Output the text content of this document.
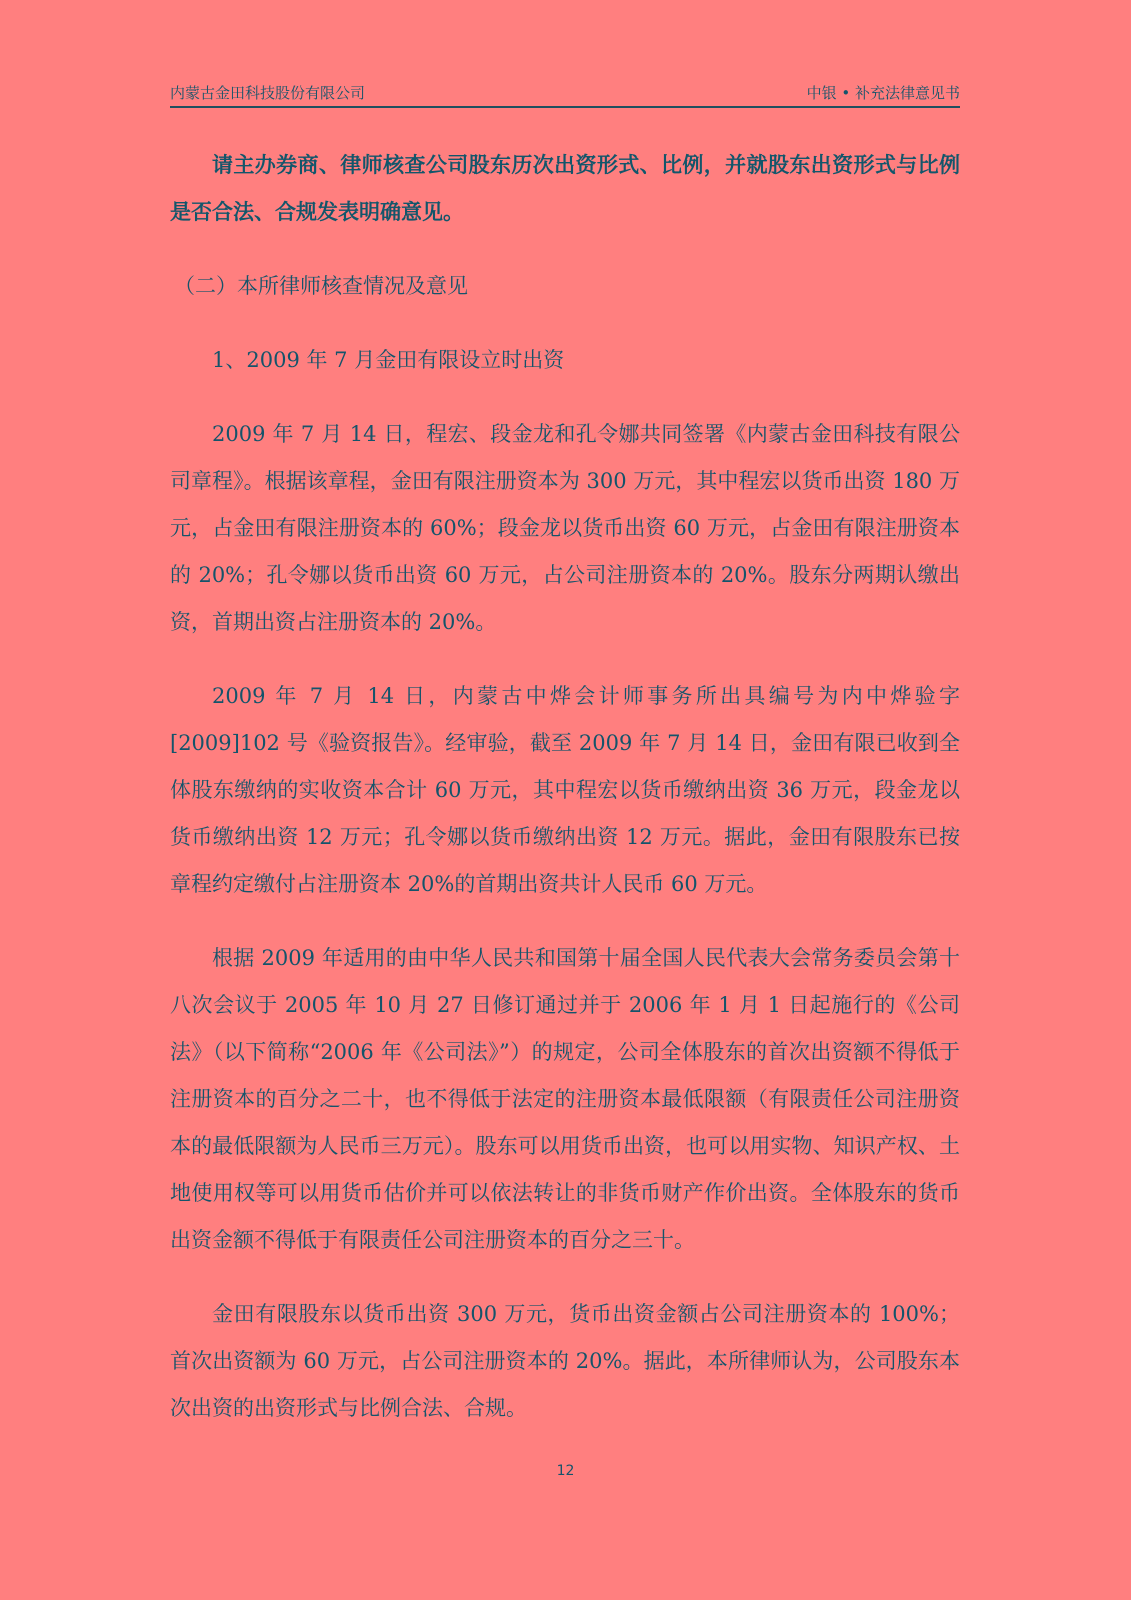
内蒙古金田科技股份有限公司	中银 • 补充法律意见书

请主办券商、律师核查公司股东历次出资形式、比例，并就股东出资形式与比例是否合法、合规发表明确意见。

（二）本所律师核查情况及意见

1、2009 年 7 月金田有限设立时出资

2009 年 7 月 14 日，程宏、段金龙和孔令娜共同签署《内蒙古金田科技有限公司章程》。根据该章程，金田有限注册资本为 300 万元，其中程宏以货币出资 180 万元，占金田有限注册资本的 60%；段金龙以货币出资 60 万元，占金田有限注册资本的 20%；孔令娜以货币出资 60 万元，占公司注册资本的 20%。股东分两期认缴出资，首期出资占注册资本的 20%。

2009 年 7 月 14 日，内蒙古中烨会计师事务所出具编号为内中烨验字[2009]102 号《验资报告》。经审验，截至 2009 年 7 月 14 日，金田有限已收到全体股东缴纳的实收资本合计 60 万元，其中程宏以货币缴纳出资 36 万元，段金龙以货币缴纳出资 12 万元；孔令娜以货币缴纳出资 12 万元。据此，金田有限股东已按章程约定缴付占注册资本 20%的首期出资共计人民币 60 万元。

根据 2009 年适用的由中华人民共和国第十届全国人民代表大会常务委员会第十八次会议于 2005 年 10 月 27 日修订通过并于 2006 年 1 月 1 日起施行的《公司法》（以下简称“2006 年《公司法》”）的规定，公司全体股东的首次出资额不得低于注册资本的百分之二十，也不得低于法定的注册资本最低限额（有限责任公司注册资本的最低限额为人民币三万元）。股东可以用货币出资，也可以用实物、知识产权、土地使用权等可以用货币估价并可以依法转让的非货币财产作价出资。全体股东的货币出资金额不得低于有限责任公司注册资本的百分之三十。

金田有限股东以货币出资 300 万元，货币出资金额占公司注册资本的 100%；首次出资额为 60 万元，占公司注册资本的 20%。据此，本所律师认为，公司股东本次出资的出资形式与比例合法、合规。

12
